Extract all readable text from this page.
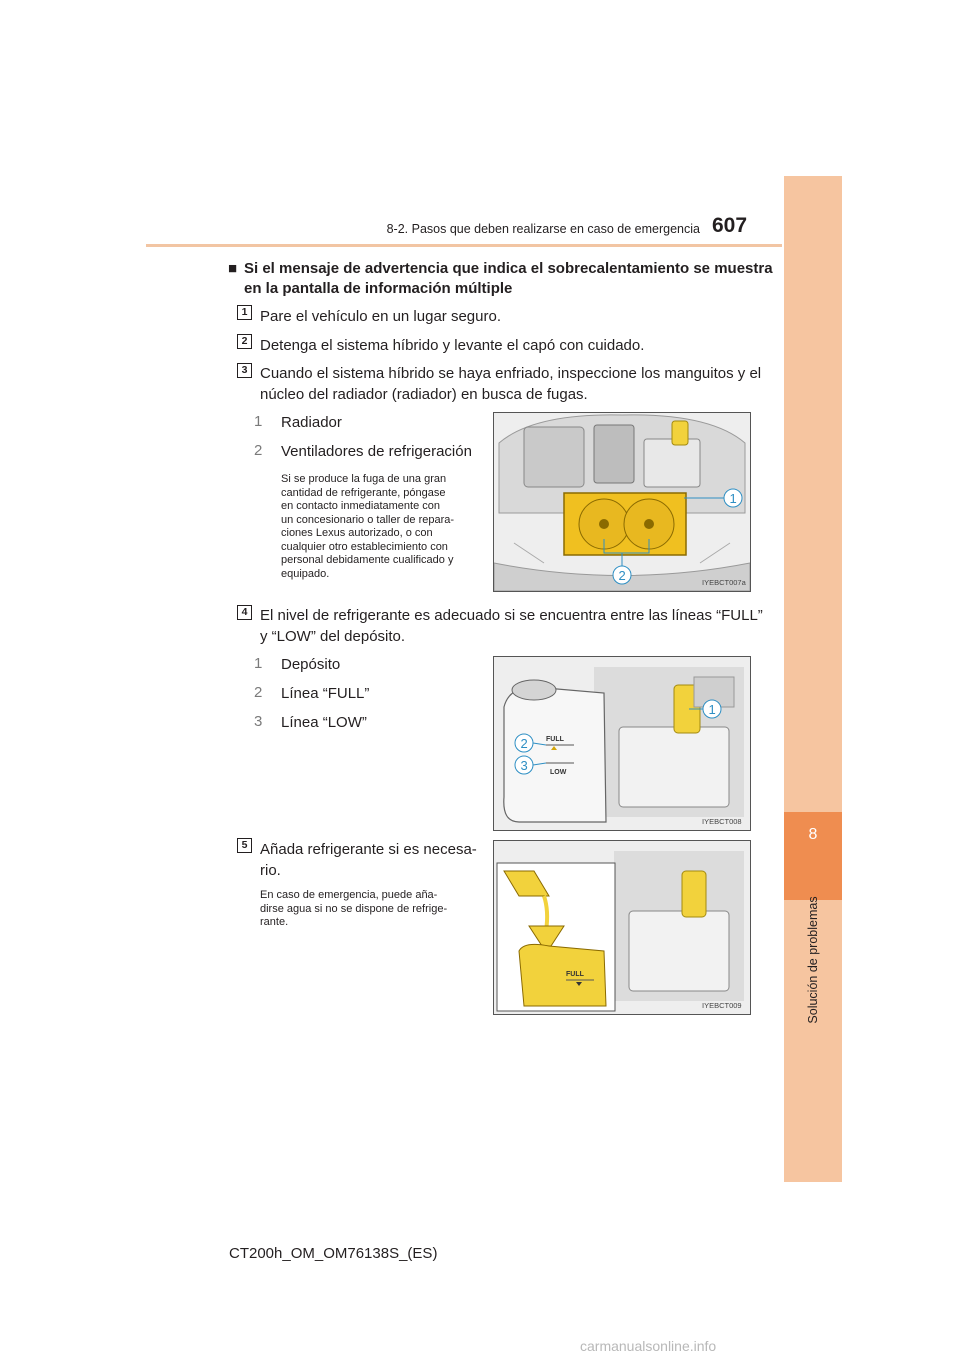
8
Solución de problemas
8-2. Pasos que deben realizarse en caso de emergencia 607
■ Si el mensaje de advertencia que indica el sobrecalentamiento se muestra
en la pantalla de información múltiple
1 Pare el vehículo en un lugar seguro.
2 Detenga el sistema híbrido y levante el capó con cuidado.
3 Cuando el sistema híbrido se haya enfriado, inspeccione los manguitos y el
núcleo del radiador (radiador) en busca de fugas.
1 Radiador
2 Ventiladores de refrigeración
Si se produce la fuga de una gran
cantidad de refrigerante, póngase
en contacto inmediatamente con
un concesionario o taller de repara-
ciones Lexus autorizado, o con
cualquier otro establecimiento con
personal debidamente cualificado y
equipado.
1
2	IYEBCT007a
4 El nivel de refrigerante es adecuado si se encuentra entre las líneas “FULL”
y “LOW” del depósito.
1 Depósito
2 Línea “FULL”
3 Línea “LOW”
FULL
LOW
1
2
3
IYEBCT008
5 Añada refrigerante si es necesa-
rio.
En caso de emergencia, puede aña-
dirse agua si no se dispone de refrige-
rante.
FULL
IYEBCT009
CT200h_OM_OM76138S_(ES)
carmanualsonline.info
